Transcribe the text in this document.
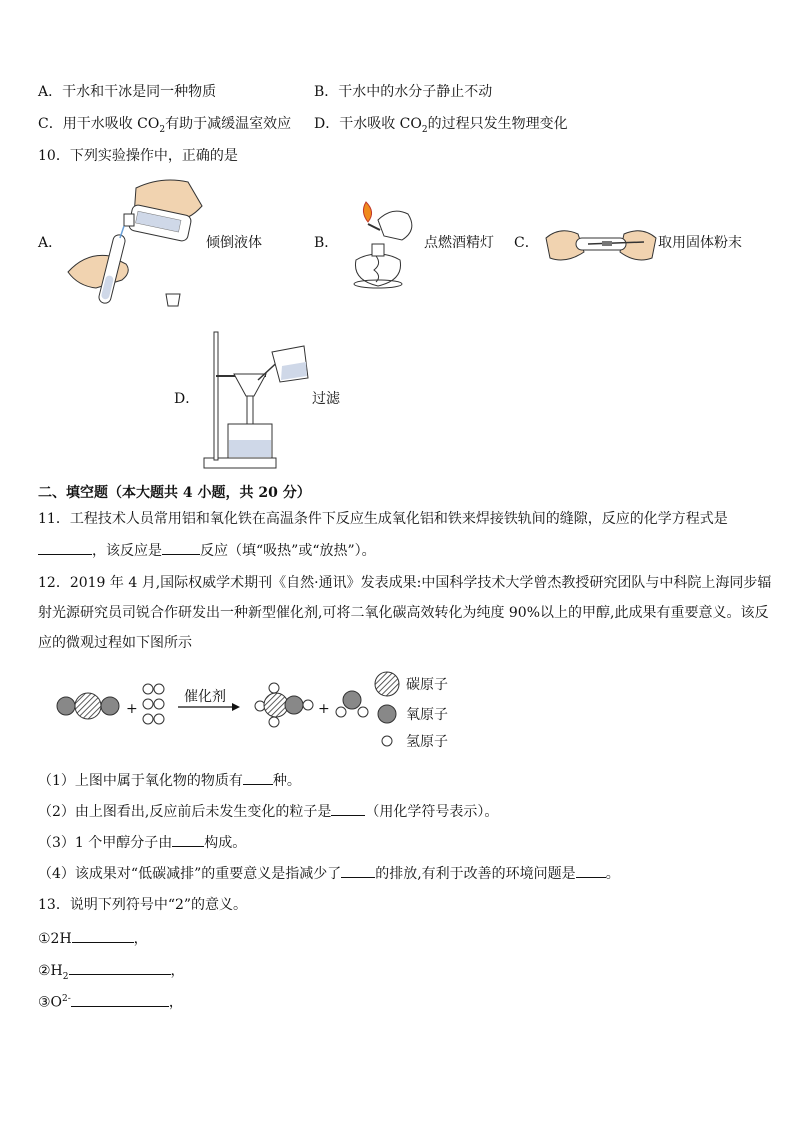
A．干水和干冰是同一种物质	B．干水中的水分子静止不动
C．用干水吸收 $CO_2$有助于减缓温室效应 D．干水吸收 $CO_2$的过程只发生物理变化
10．下列实验操作中，正确的是
A．	倾倒液体	B．	点燃酒精灯 C．	取用固体粉末
D．	过滤
二、填空题（本大题共 4 小题，共 20 分）
11．工程技术人员常用铝和氧化铁在高温条件下反应生成氧化铝和铁来焊接铁轨间的缝隙，反应的化学方程式是
，该反应是	反应（填“吸热”或“放热”）。
12．2019 年 4 月,国际权威学术期刊《自然·通讯》发表成果:中国科学技术大学曾杰教授研究团队与中科院上海同步辐
射光源研究员司锐合作研发出一种新型催化剂,可将二氧化碳高效转化为纯度 90%以上的甲醇,此成果有重要意义。该反
应的微观过程如下图所示
+
催化剂
+
碳原子
氧原子
氢原子
（1）上图中属于氧化物的物质有 种。
（2）由上图看出,反应前后未发生变化的粒子是 （用化学符号表示）。
（3）1 个甲醇分子由 构成。
（4）该成果对“低碳减排”的重要意义是指减少了 的排放,有利于改善的环境问题是 。
13．说明下列符号中“2”的意义。
①2H	，
$②H_2$	，
$③O^{2-}$	，
